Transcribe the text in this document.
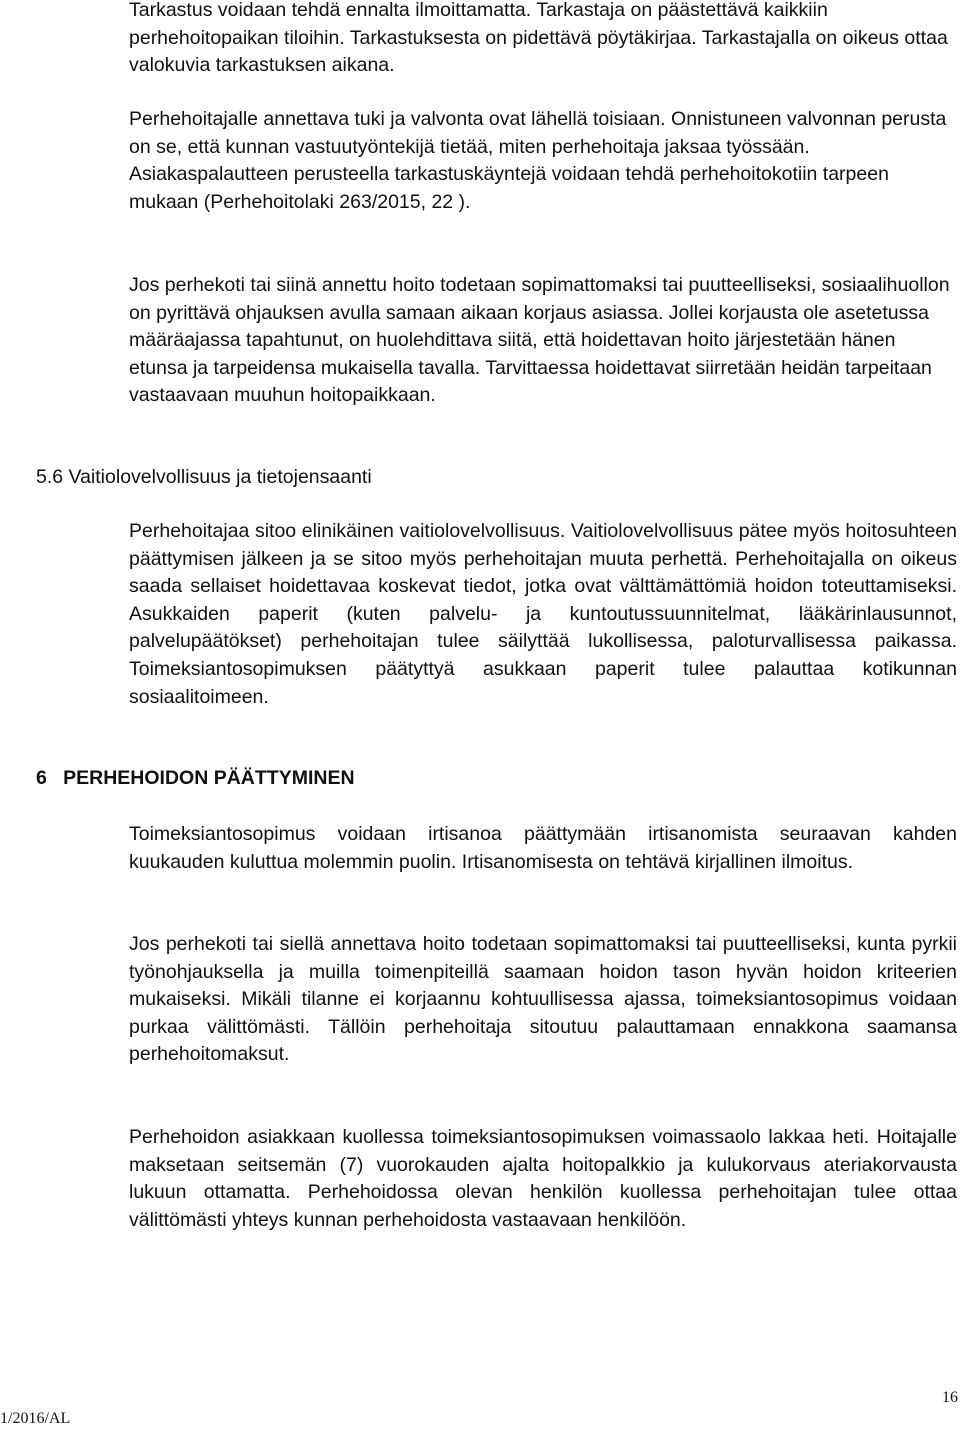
Tarkastus voidaan tehdä ennalta ilmoittamatta. Tarkastaja on päästettävä kaikkiin perhehoitopaikan tiloihin. Tarkastuksesta on pidettävä pöytäkirjaa. Tarkastajalla on oikeus ottaa valokuvia tarkastuksen aikana.

Perhehoitajalle annettava tuki ja valvonta ovat lähellä toisiaan. Onnistuneen valvonnan perusta on se, että kunnan vastuutyöntekijä tietää, miten perhehoitaja jaksaa työssään. Asiakaspalautteen perusteella tarkastuskäyntejä voidaan tehdä perhehoitokotiin tarpeen mukaan (Perhehoitolaki 263/2015, 22 ).

Jos perhekoti tai siinä annettu hoito todetaan sopimattomaksi tai puutteelliseksi, sosiaalihuollon on pyrittävä ohjauksen avulla samaan aikaan korjaus asiassa. Jollei korjausta ole asetetussa määräajassa tapahtunut, on huolehdittava siitä, että hoidettavan hoito järjestetään hänen etunsa ja tarpeidensa mukaisella tavalla. Tarvittaessa hoidettavat siirretään heidän tarpeitaan vastaavaan muuhun hoitopaikkaan.

5.6 Vaitiolovelvollisuus ja tietojensaanti

Perhehoitajaa sitoo elinikäinen vaitiolovelvollisuus. Vaitiolovelvollisuus pätee myös hoitosuhteen päättymisen jälkeen ja se sitoo myös perhehoitajan muuta perhettä. Perhehoitajalla on oikeus saada sellaiset hoidettavaa koskevat tiedot, jotka ovat välttämättömiä hoidon toteuttamiseksi. Asukkaiden paperit (kuten palvelu- ja kuntoutussuunnitelmat, lääkärinlausunnot, palvelupäätökset) perhehoitajan tulee säilyttää lukollisessa, paloturvallisessa paikassa. Toimeksiantosopimuksen päätyttyä asukkaan paperit tulee palauttaa kotikunnan sosiaalitoimeen.

6   PERHEHOIDON PÄÄTTYMINEN

Toimeksiantosopimus voidaan irtisanoa päättymään irtisanomista seuraavan kahden kuukauden kuluttua molemmin puolin. Irtisanomisesta on tehtävä kirjallinen ilmoitus.

Jos perhekoti tai siellä annettava hoito todetaan sopimattomaksi tai puutteelliseksi, kunta pyrkii työnohjauksella ja muilla toimenpiteillä saamaan hoidon tason hyvän hoidon kriteerien mukaiseksi. Mikäli tilanne ei korjaannu kohtuullisessa ajassa, toimeksiantosopimus voidaan purkaa välittömästi. Tällöin perhehoitaja sitoutuu palauttamaan ennakkona saamansa perhehoitomaksut.

Perhehoidon asiakkaan kuollessa toimeksiantosopimuksen voimassaolo lakkaa heti. Hoitajalle maksetaan seitsemän (7) vuorokauden ajalta hoitopalkkio ja kulukorvaus ateriakorvausta lukuun ottamatta. Perhehoidossa olevan henkilön kuollessa perhehoitajan tulee ottaa välittömästi yhteys kunnan perhehoidosta vastaavaan henkilöön.

16
1/2016/AL
